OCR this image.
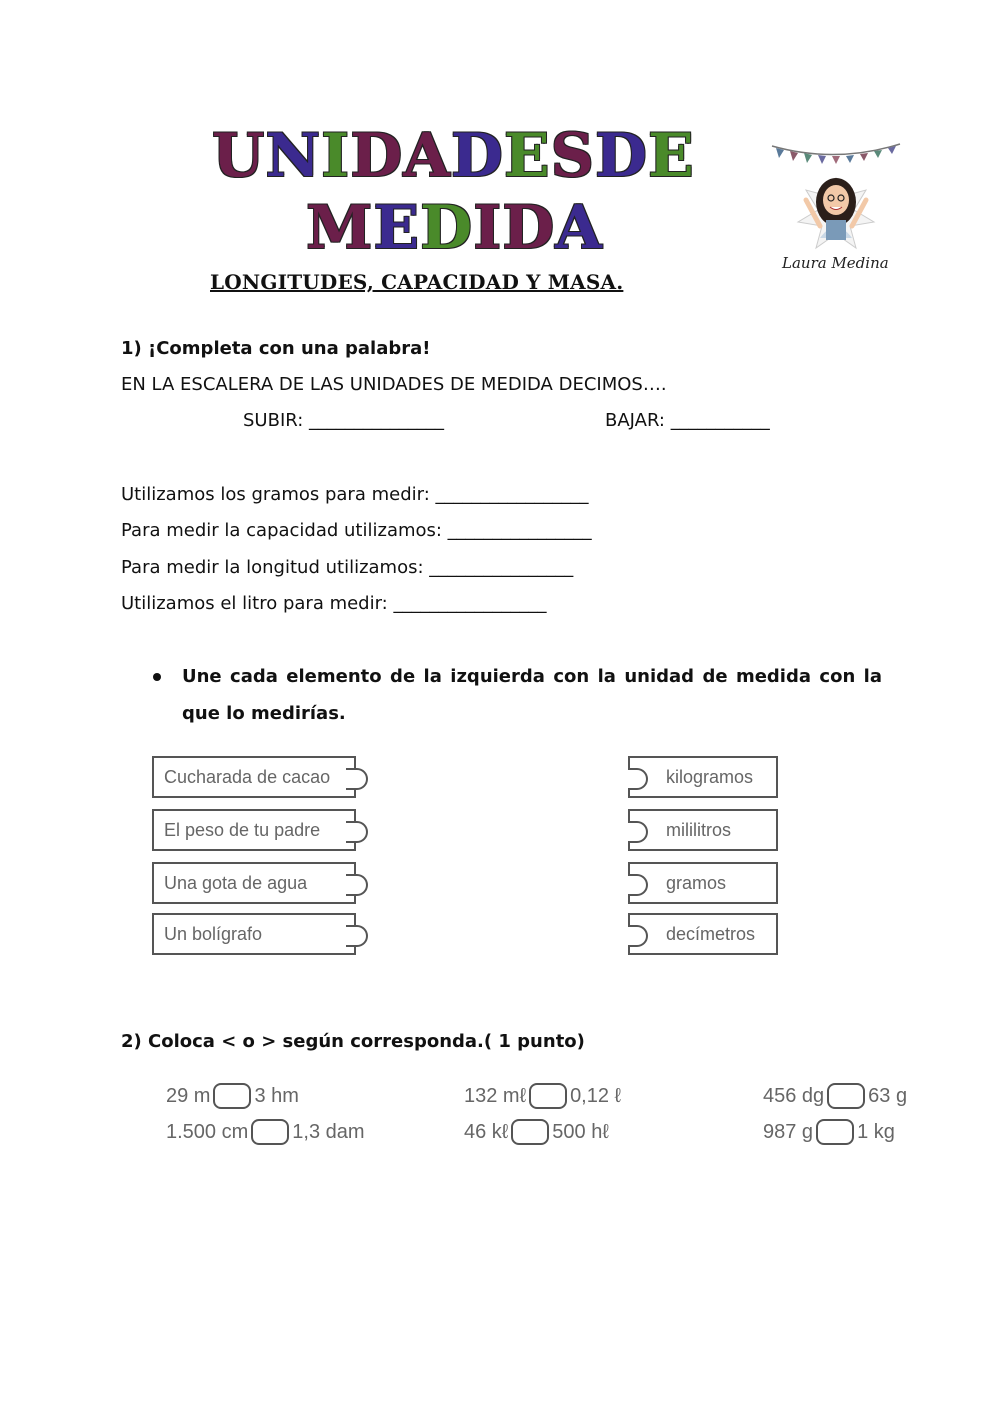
UNIDADESDE
MEDIDA
LONGITUDES, CAPACIDAD Y MASA.
Laura Medina
1) ¡Completa con una palabra!
EN LA ESCALERA DE LAS UNIDADES DE MEDIDA DECIMOS….
SUBIR: _______________	BAJAR: ___________
Utilizamos los gramos para medir: _________________
Para medir la capacidad utilizamos: ________________
Para medir la longitud utilizamos: ________________
Utilizamos el litro para medir: _________________
Une cada elemento de la izquierda con la unidad de medida con la que lo medirías.
Cucharada de cacao
El peso de tu padre
Una gota de agua
Un bolígrafo
kilogramos
mililitros
gramos
decímetros
2) Coloca < o > según corresponda.( 1 punto)
29 m 3 hm	132 mℓ 0,12 ℓ	456 dg 63 g
1.500 cm 1,3 dam	46 kℓ 500 hℓ	987 g 1 kg
